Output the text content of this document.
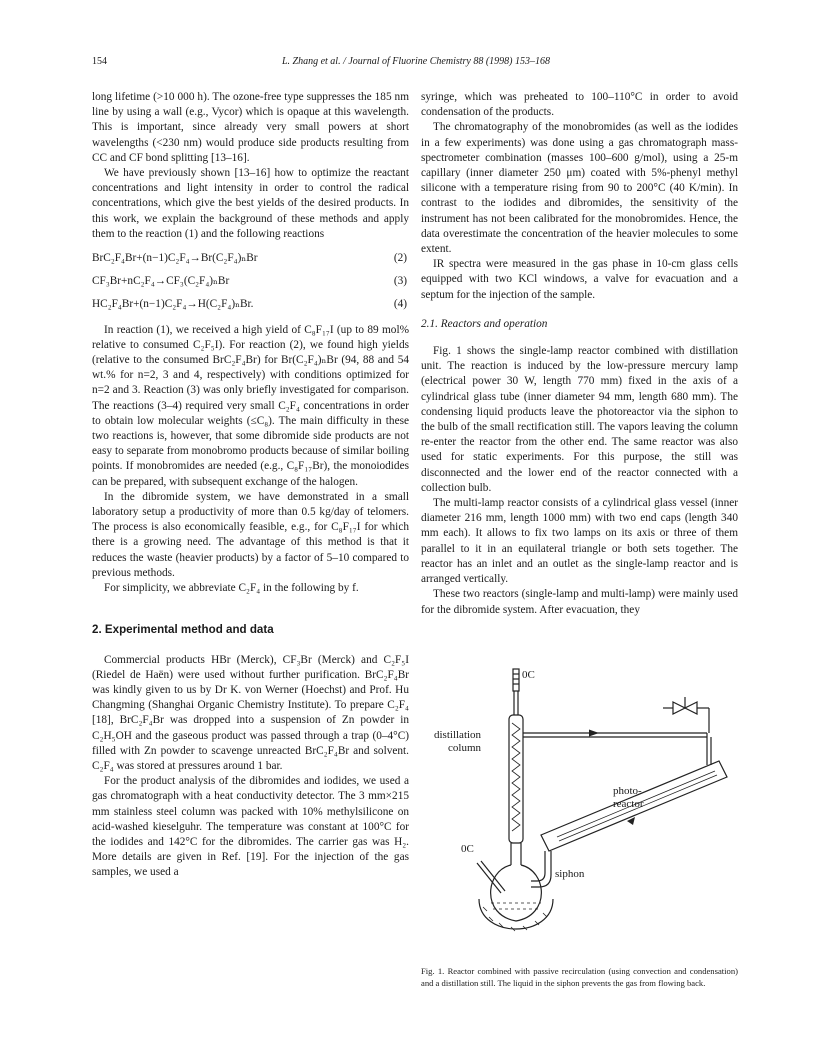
154	L. Zhang et al. / Journal of Fluorine Chemistry 88 (1998) 153–168

long lifetime (>10 000 h). The ozone-free type suppresses the 185 nm line by using a wall (e.g., Vycor) which is opaque at this wavelength. This is important, since already very small powers at short wavelengths (<230 nm) would produce side products resulting from CC and CF bond splitting [13–16].

We have previously shown [13–16] how to optimize the reactant concentrations and light intensity in order to control the radical concentrations, which give the best yields of the desired products. In this work, we explain the background of these methods and apply them to the reaction (1) and the following reactions

BrC₂F₄Br+(n−1)C₂F₄→Br(C₂F₄)ₙBr	(2)
CF₃Br+nC₂F₄→CF₃(C₂F₄)ₙBr	(3)
HC₂F₄Br+(n−1)C₂F₄→H(C₂F₄)ₙBr.	(4)

In reaction (1), we received a high yield of C₈F₁₇I (up to 89 mol% relative to consumed C₂F₅I). For reaction (2), we found high yields (relative to the consumed BrC₂F₄Br) for Br(C₂F₄)ₙBr (94, 88 and 54 wt.% for n=2, 3 and 4, respectively) with conditions optimized for n=2 and 3. Reaction (3) was only briefly investigated for comparison. The reactions (3–4) required very small C₂F₄ concentrations in order to obtain low molecular weights (≤C₈). The main difficulty in these two reactions is, however, that some dibromide side products are not easy to separate from monobromo products because of similar boiling points. If monobromides are needed (e.g., C₈F₁₇Br), the monoiodides can be prepared, with subsequent exchange of the halogen.

In the dibromide system, we have demonstrated in a small laboratory setup a productivity of more than 0.5 kg/day of telomers. The process is also economically feasible, e.g., for C₈F₁₇I for which there is a growing need. The advantage of this method is that it reduces the waste (heavier products) by a factor of 5–10 compared to previous methods.

For simplicity, we abbreviate C₂F₄ in the following by f.

2. Experimental method and data

Commercial products HBr (Merck), CF₃Br (Merck) and C₂F₅I (Riedel de Haën) were used without further purification. BrC₂F₄Br was kindly given to us by Dr K. von Werner (Hoechst) and Prof. Hu Changming (Shanghai Organic Chemistry Institute). To prepare C₂F₄ [18], BrC₂F₄Br was dropped into a suspension of Zn powder in C₂H₅OH and the gaseous product was passed through a trap (0–4°C) filled with Zn powder to scavenge unreacted BrC₂F₄Br and solvent. C₂F₄ was stored at pressures around 1 bar.

For the product analysis of the dibromides and iodides, we used a gas chromatograph with a heat conductivity detector. The 3 mm×215 mm stainless steel column was packed with 10% methylsilicone on acid-washed kieselguhr. The temperature was constant at 100°C for the iodides and 142°C for the dibromides. The carrier gas was H₂. More details are given in Ref. [19]. For the injection of the gas samples, we used a

syringe, which was preheated to 100–110°C in order to avoid condensation of the products.

The chromatography of the monobromides (as well as the iodides in a few experiments) was done using a gas chromatograph mass-spectrometer combination (masses 100–600 g/mol), using a 25-m capillary (inner diameter 250 μm) coated with 5%-phenyl methyl silicone with a temperature rising from 90 to 200°C (40 K/min). In contrast to the iodides and dibromides, the sensitivity of the instrument has not been calibrated for the monobromides. Hence, the data overestimate the concentration of the heavier molecules to some extent.

IR spectra were measured in the gas phase in 10-cm glass cells equipped with two KCl windows, a valve for evacuation and a septum for the injection of the sample.

2.1. Reactors and operation

Fig. 1 shows the single-lamp reactor combined with distillation unit. The reaction is induced by the low-pressure mercury lamp (electrical power 30 W, length 770 mm) fixed in the axis of a cylindrical glass tube (inner diameter 94 mm, length 680 mm). The condensing liquid products leave the photoreactor via the siphon to the bulb of the small rectification still. The vapors leaving the column re-enter the reactor from the other end. The same reactor was also used for static experiments. For this purpose, the still was disconnected and the lower end of the reactor connected with a collection bulb.

The multi-lamp reactor consists of a cylindrical glass vessel (inner diameter 216 mm, length 1000 mm) with two end caps (length 340 mm each). It allows to fix two lamps on its axis or three of them parallel to it in an equilateral triangle or both sets together. The reactor has an inlet and an outlet as the single-lamp reactor and is arranged vertically.

These two reactors (single-lamp and multi-lamp) were mainly used for the dibromide system. After evacuation, they

0C
distillation
column
photo-
reactor
0C
siphon
Fig. 1. Reactor combined with passive recirculation (using convection and condensation) and a distillation still. The liquid in the siphon prevents the gas from flowing back.
